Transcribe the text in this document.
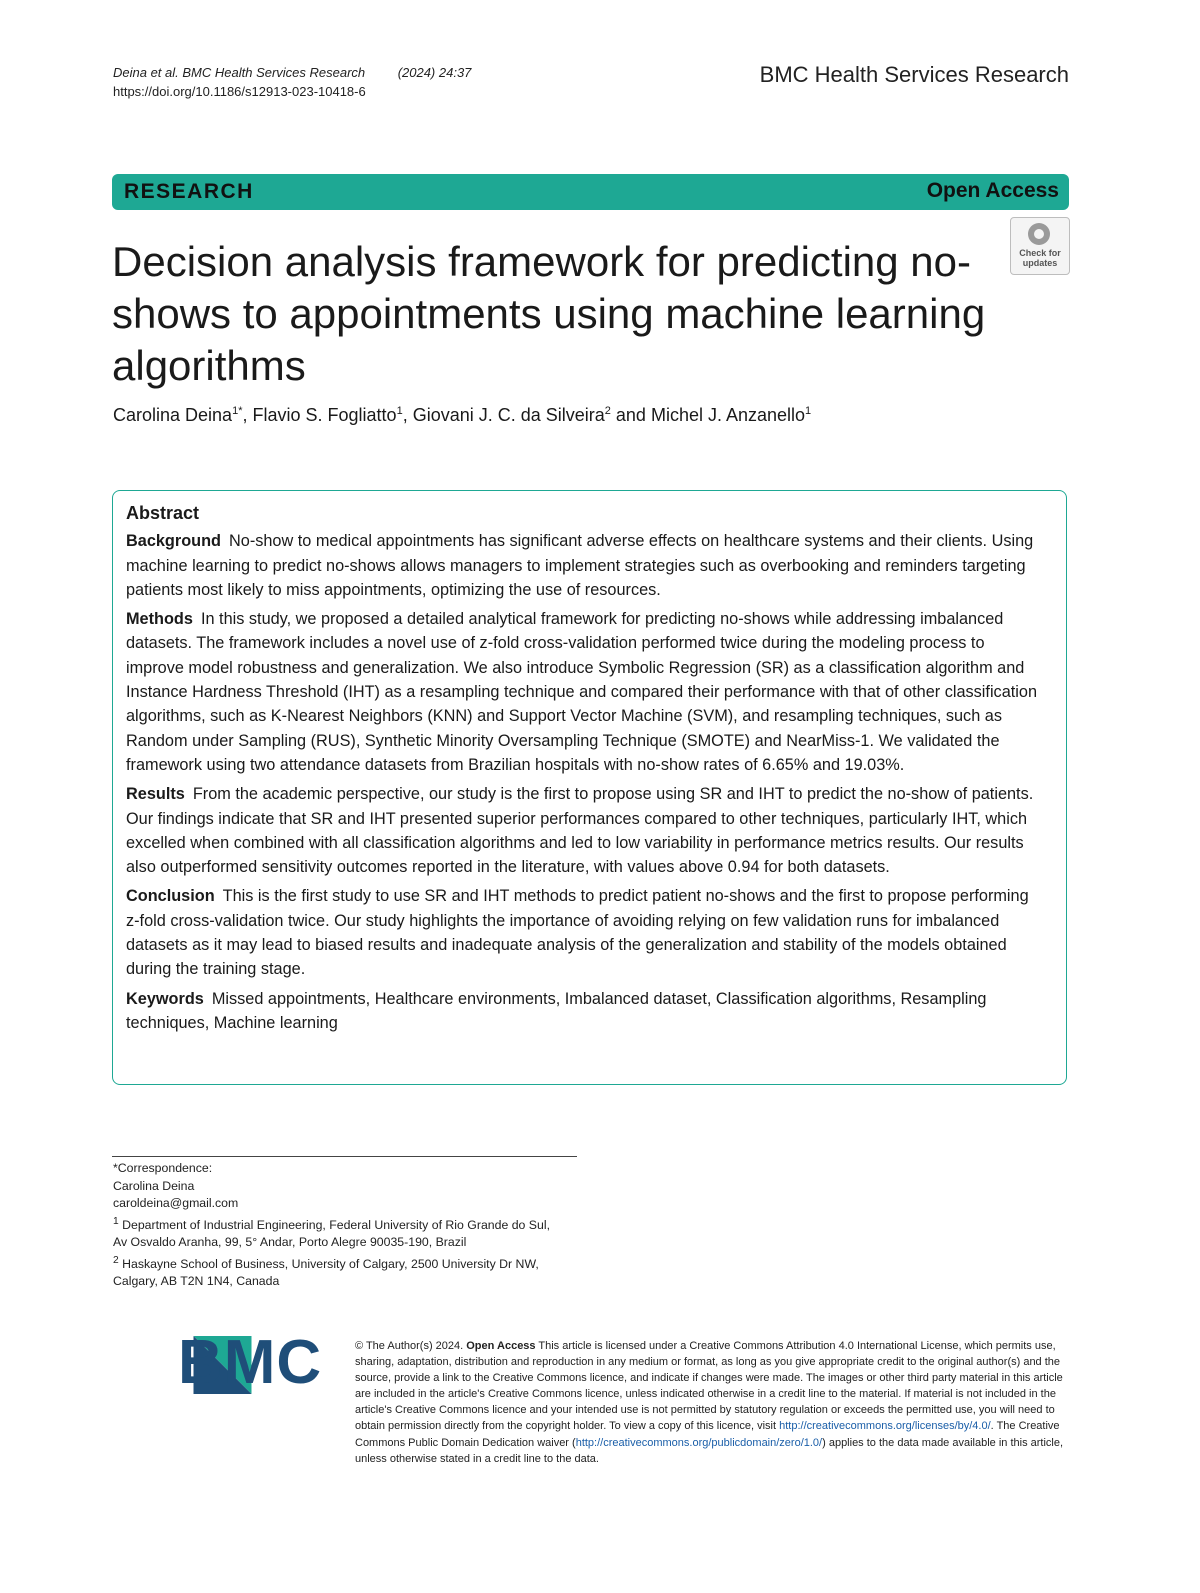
Deina et al. BMC Health Services Research	(2024) 24:37
https://doi.org/10.1186/s12913-023-10418-6
BMC Health Services Research
RESEARCH	Open Access
Decision analysis framework for predicting no-shows to appointments using machine learning algorithms
Check for
updates
Carolina Deina$^{1*}$, Flavio S. Fogliatto$^1$, Giovani J. C. da Silveira$^2$ and Michel J. Anzanello$^1$
Abstract
Background No-show to medical appointments has significant adverse effects on healthcare systems and their clients. Using machine learning to predict no-shows allows managers to implement strategies such as overbooking and reminders targeting patients most likely to miss appointments, optimizing the use of resources.
Methods In this study, we proposed a detailed analytical framework for predicting no-shows while addressing imbalanced datasets. The framework includes a novel use of z-fold cross-validation performed twice during the modeling process to improve model robustness and generalization. We also introduce Symbolic Regression (SR) as a classification algorithm and Instance Hardness Threshold (IHT) as a resampling technique and compared their performance with that of other classification algorithms, such as K-Nearest Neighbors (KNN) and Support Vector Machine (SVM), and resampling techniques, such as Random under Sampling (RUS), Synthetic Minority Oversampling Technique (SMOTE) and NearMiss-1. We validated the framework using two attendance datasets from Brazilian hospitals with no-show rates of 6.65% and 19.03%.
Results From the academic perspective, our study is the first to propose using SR and IHT to predict the no-show of patients. Our findings indicate that SR and IHT presented superior performances compared to other techniques, particularly IHT, which excelled when combined with all classification algorithms and led to low variability in performance metrics results. Our results also outperformed sensitivity outcomes reported in the literature, with values above 0.94 for both datasets.
Conclusion This is the first study to use SR and IHT methods to predict patient no-shows and the first to propose performing z-fold cross-validation twice. Our study highlights the importance of avoiding relying on few validation runs for imbalanced datasets as it may lead to biased results and inadequate analysis of the generalization and stability of the models obtained during the training stage.
Keywords Missed appointments, Healthcare environments, Imbalanced dataset, Classification algorithms, Resampling techniques, Machine learning
*Correspondence:
Carolina Deina
caroldeina@gmail.com
$^1$ Department of Industrial Engineering, Federal University of Rio Grande do Sul, Av Osvaldo Aranha, 99, 5° Andar, Porto Alegre 90035-190, Brazil
$^2$ Haskayne School of Business, University of Calgary, 2500 University Dr NW, Calgary, AB T2N 1N4, Canada
BMC	© The Author(s) 2024. Open Access This article is licensed under a Creative Commons Attribution 4.0 International License, which permits use, sharing, adaptation, distribution and reproduction in any medium or format, as long as you give appropriate credit to the original author(s) and the source, provide a link to the Creative Commons licence, and indicate if changes were made. The images or other third party material in this article are included in the article's Creative Commons licence, unless indicated otherwise in a credit line to the material. If material is not included in the article's Creative Commons licence and your intended use is not permitted by statutory regulation or exceeds the permitted use, you will need to obtain permission directly from the copyright holder. To view a copy of this licence, visit http://creativecommons.org/licenses/by/4.0/. The Creative Commons Public Domain Dedication waiver (http://creativecommons.org/publicdomain/zero/1.0/) applies to the data made available in this article, unless otherwise stated in a credit line to the data.
